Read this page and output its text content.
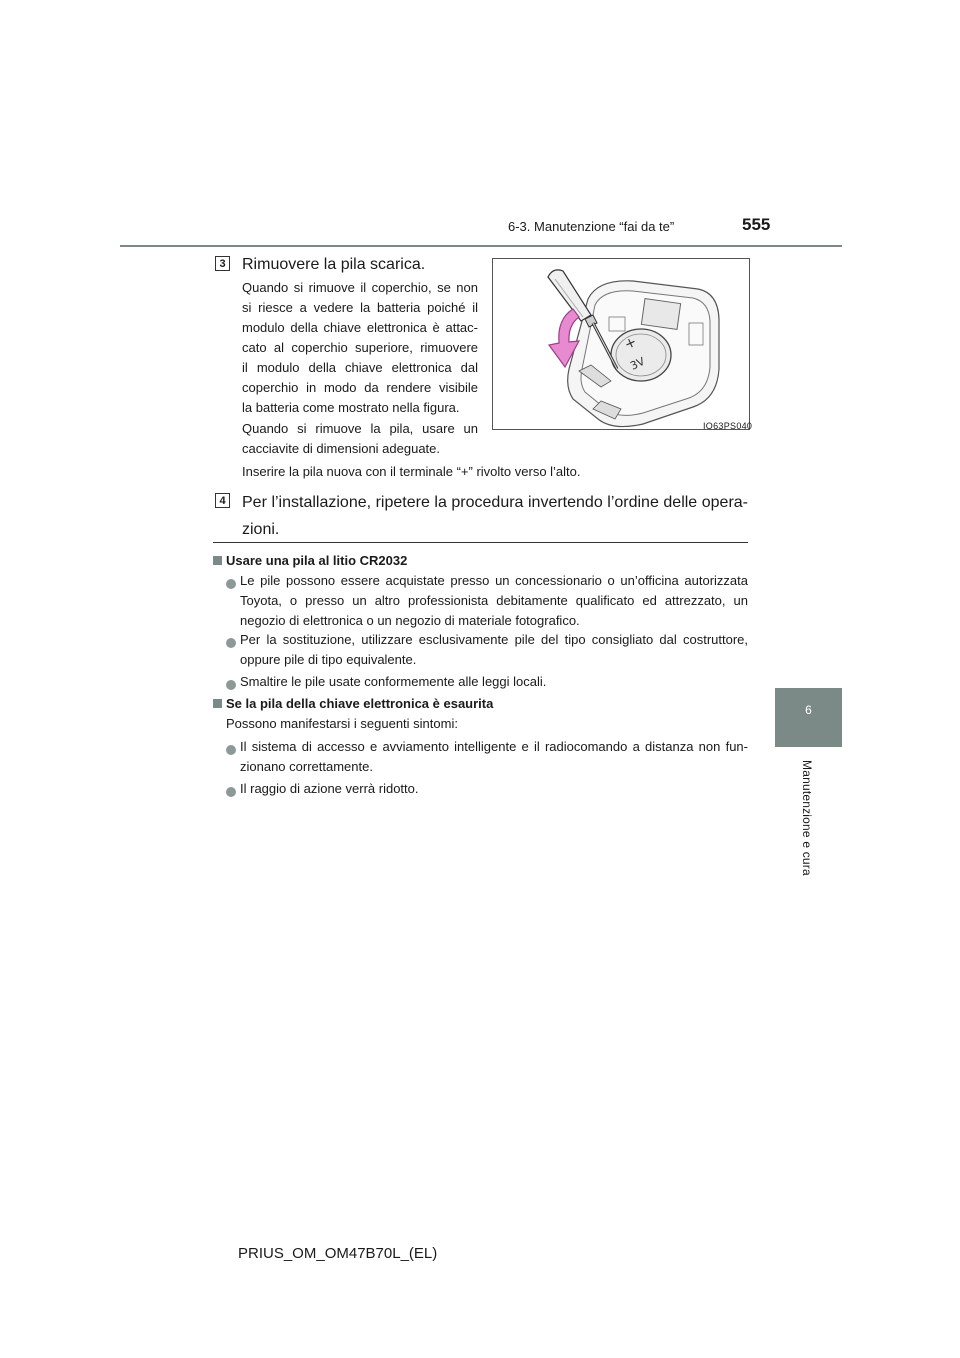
6-3. Manutenzione “fai da te”	555
6
Manutenzione e cura
3 Rimuovere la pila scarica.
Quando si rimuove il coperchio, se non
si riesce a vedere la batteria poiché il
modulo della chiave elettronica è attac-
cato al coperchio superiore, rimuovere
il modulo della chiave elettronica dal
coperchio in modo da rendere visibile
la batteria come mostrato nella figura.
Quando si rimuove la pila, usare un
cacciavite di dimensioni adeguate.
Inserire la pila nuova con il terminale “+” rivolto verso l’alto.
+
3V
IO63PS040
4 Per l’installazione, ripetere la procedura invertendo l’ordine delle opera-
zioni.
Usare una pila al litio CR2032
Le pile possono essere acquistate presso un concessionario o un’officina autorizzata
Toyota, o presso un altro professionista debitamente qualificato ed attrezzato, un
negozio di elettronica o un negozio di materiale fotografico.
Per la sostituzione, utilizzare esclusivamente pile del tipo consigliato dal costruttore,
oppure pile di tipo equivalente.
Smaltire le pile usate conformemente alle leggi locali.
Se la pila della chiave elettronica è esaurita
Possono manifestarsi i seguenti sintomi:
Il sistema di accesso e avviamento intelligente e il radiocomando a distanza non fun-
zionano correttamente.
Il raggio di azione verrà ridotto.
PRIUS_OM_OM47B70L_(EL)
